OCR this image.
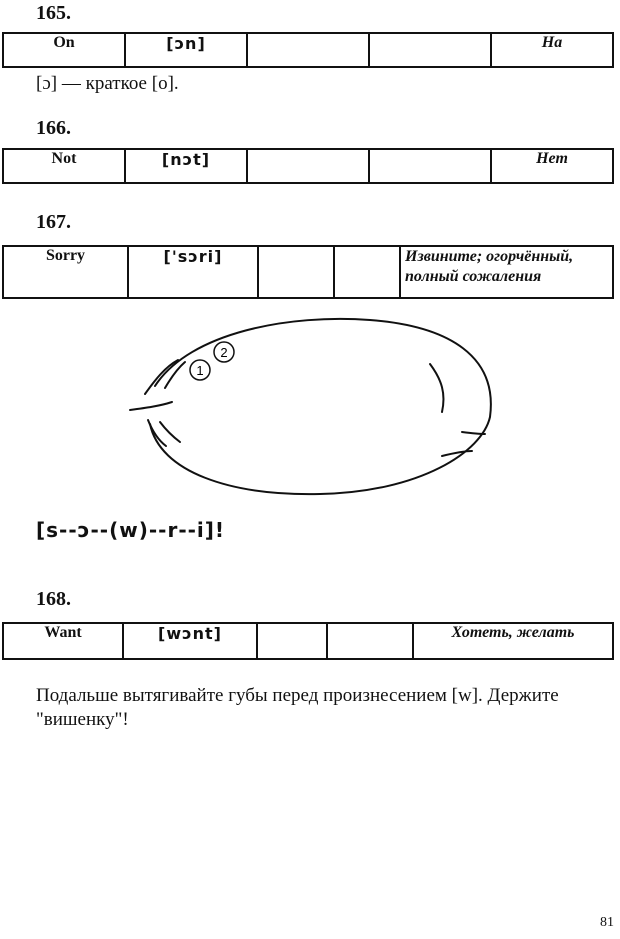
165.
On	[ɔn]			На
[ɔ] — краткое [о].
166.
Not	[nɔt]			Нет
167.
Sorry	['sɔri]			Извините; огорчённый, полный сожаления
1
2
[s--ɔ--(w)--r--i]!
168.
Want	[wɔnt]			Хотеть, желать
Подальше вытягивайте губы перед произнесением [w]. Держите "вишенку"!
81
